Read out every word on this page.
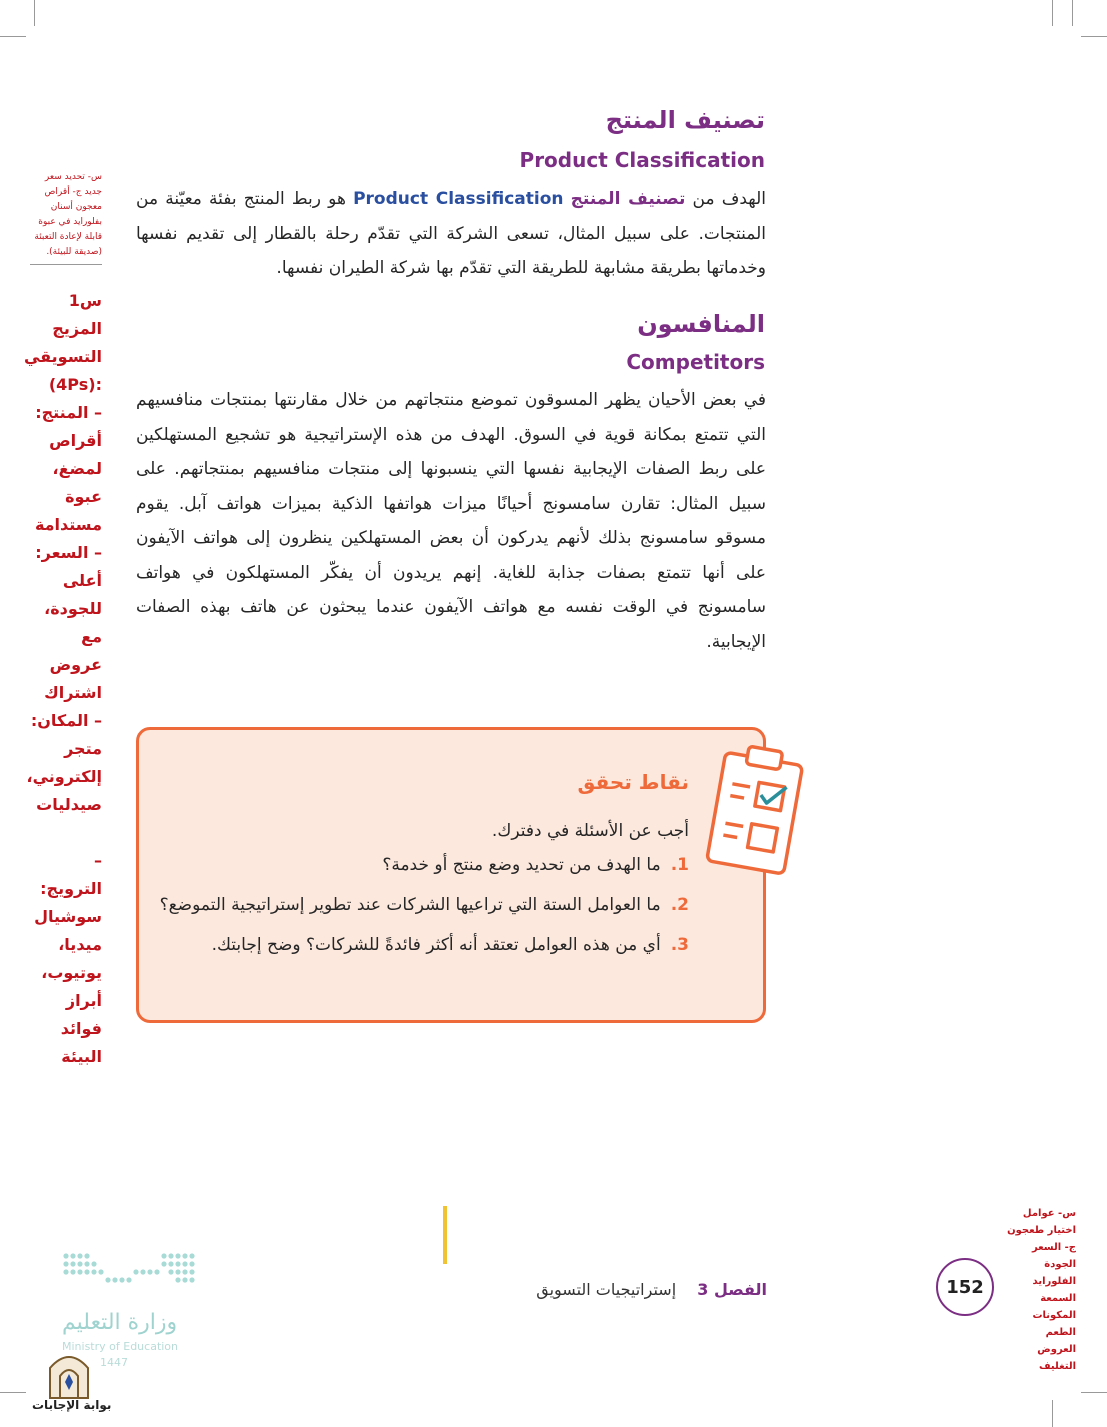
س- تحديد سعر جديد ج- أقراص معجون أسنان بفلورايد في عبوة قابلة لإعادة التعبئة (صديقة للبيئة).
س1
المزيج
التسويقي
:(4Ps)
– المنتج:
أقراص
لمضغ،
عبوة
مستدامة
– السعر:
أعلى
للجودة،
مع
عروض
اشتراك
– المكان:
متجر
إلكتروني،
صيدليات

–
الترويج:
سوشيال
ميديا،
يوتيوب،
أبراز
فوائد
البيئة
س- عوامل
اختيار طعجون
ج- السعر
الجودة
الفلورايد
السمعة
المكونات
الطعم
العروض
التغليف
تصنيف المنتج
Product Classification
الهدف من تصنيف المنتج Product Classification هو ربط المنتج بفئة معيّنة من المنتجات. على سبيل المثال، تسعى الشركة التي تقدّم رحلة بالقطار إلى تقديم نفسها وخدماتها بطريقة مشابهة للطريقة التي تقدّم بها شركة الطيران نفسها.
المنافسون
Competitors
في بعض الأحيان يظهر المسوقون تموضع منتجاتهم من خلال مقارنتها بمنتجات منافسيهم التي تتمتع بمكانة قوية في السوق. الهدف من هذه الإستراتيجية هو تشجيع المستهلكين على ربط الصفات الإيجابية نفسها التي ينسبونها إلى منتجات منافسيهم بمنتجاتهم. على سبيل المثال: تقارن سامسونج أحيانًا ميزات هواتفها الذكية بميزات هواتف آبل. يقوم مسوقو سامسونج بذلك لأنهم يدركون أن بعض المستهلكين ينظرون إلى هواتف الآيفون على أنها تتمتع بصفات جذابة للغاية. إنهم يريدون أن يفكّر المستهلكون في هواتف سامسونج في الوقت نفسه مع هواتف الآيفون عندما يبحثون عن هاتف بهذه الصفات الإيجابية.
نقاط تحقق
أجب عن الأسئلة في دفترك.
1.
ما الهدف من تحديد وضع منتج أو خدمة؟
2.
ما العوامل الستة التي تراعيها الشركات عند تطوير إستراتيجية التموضع؟
3.
أي من هذه العوامل تعتقد أنه أكثر فائدةً للشركات؟ وضح إجابتك.
152
الفصل 3 إستراتيجيات التسويق
وزارة التعليم
Ministry of Education
1447
بوابة الإجابات
